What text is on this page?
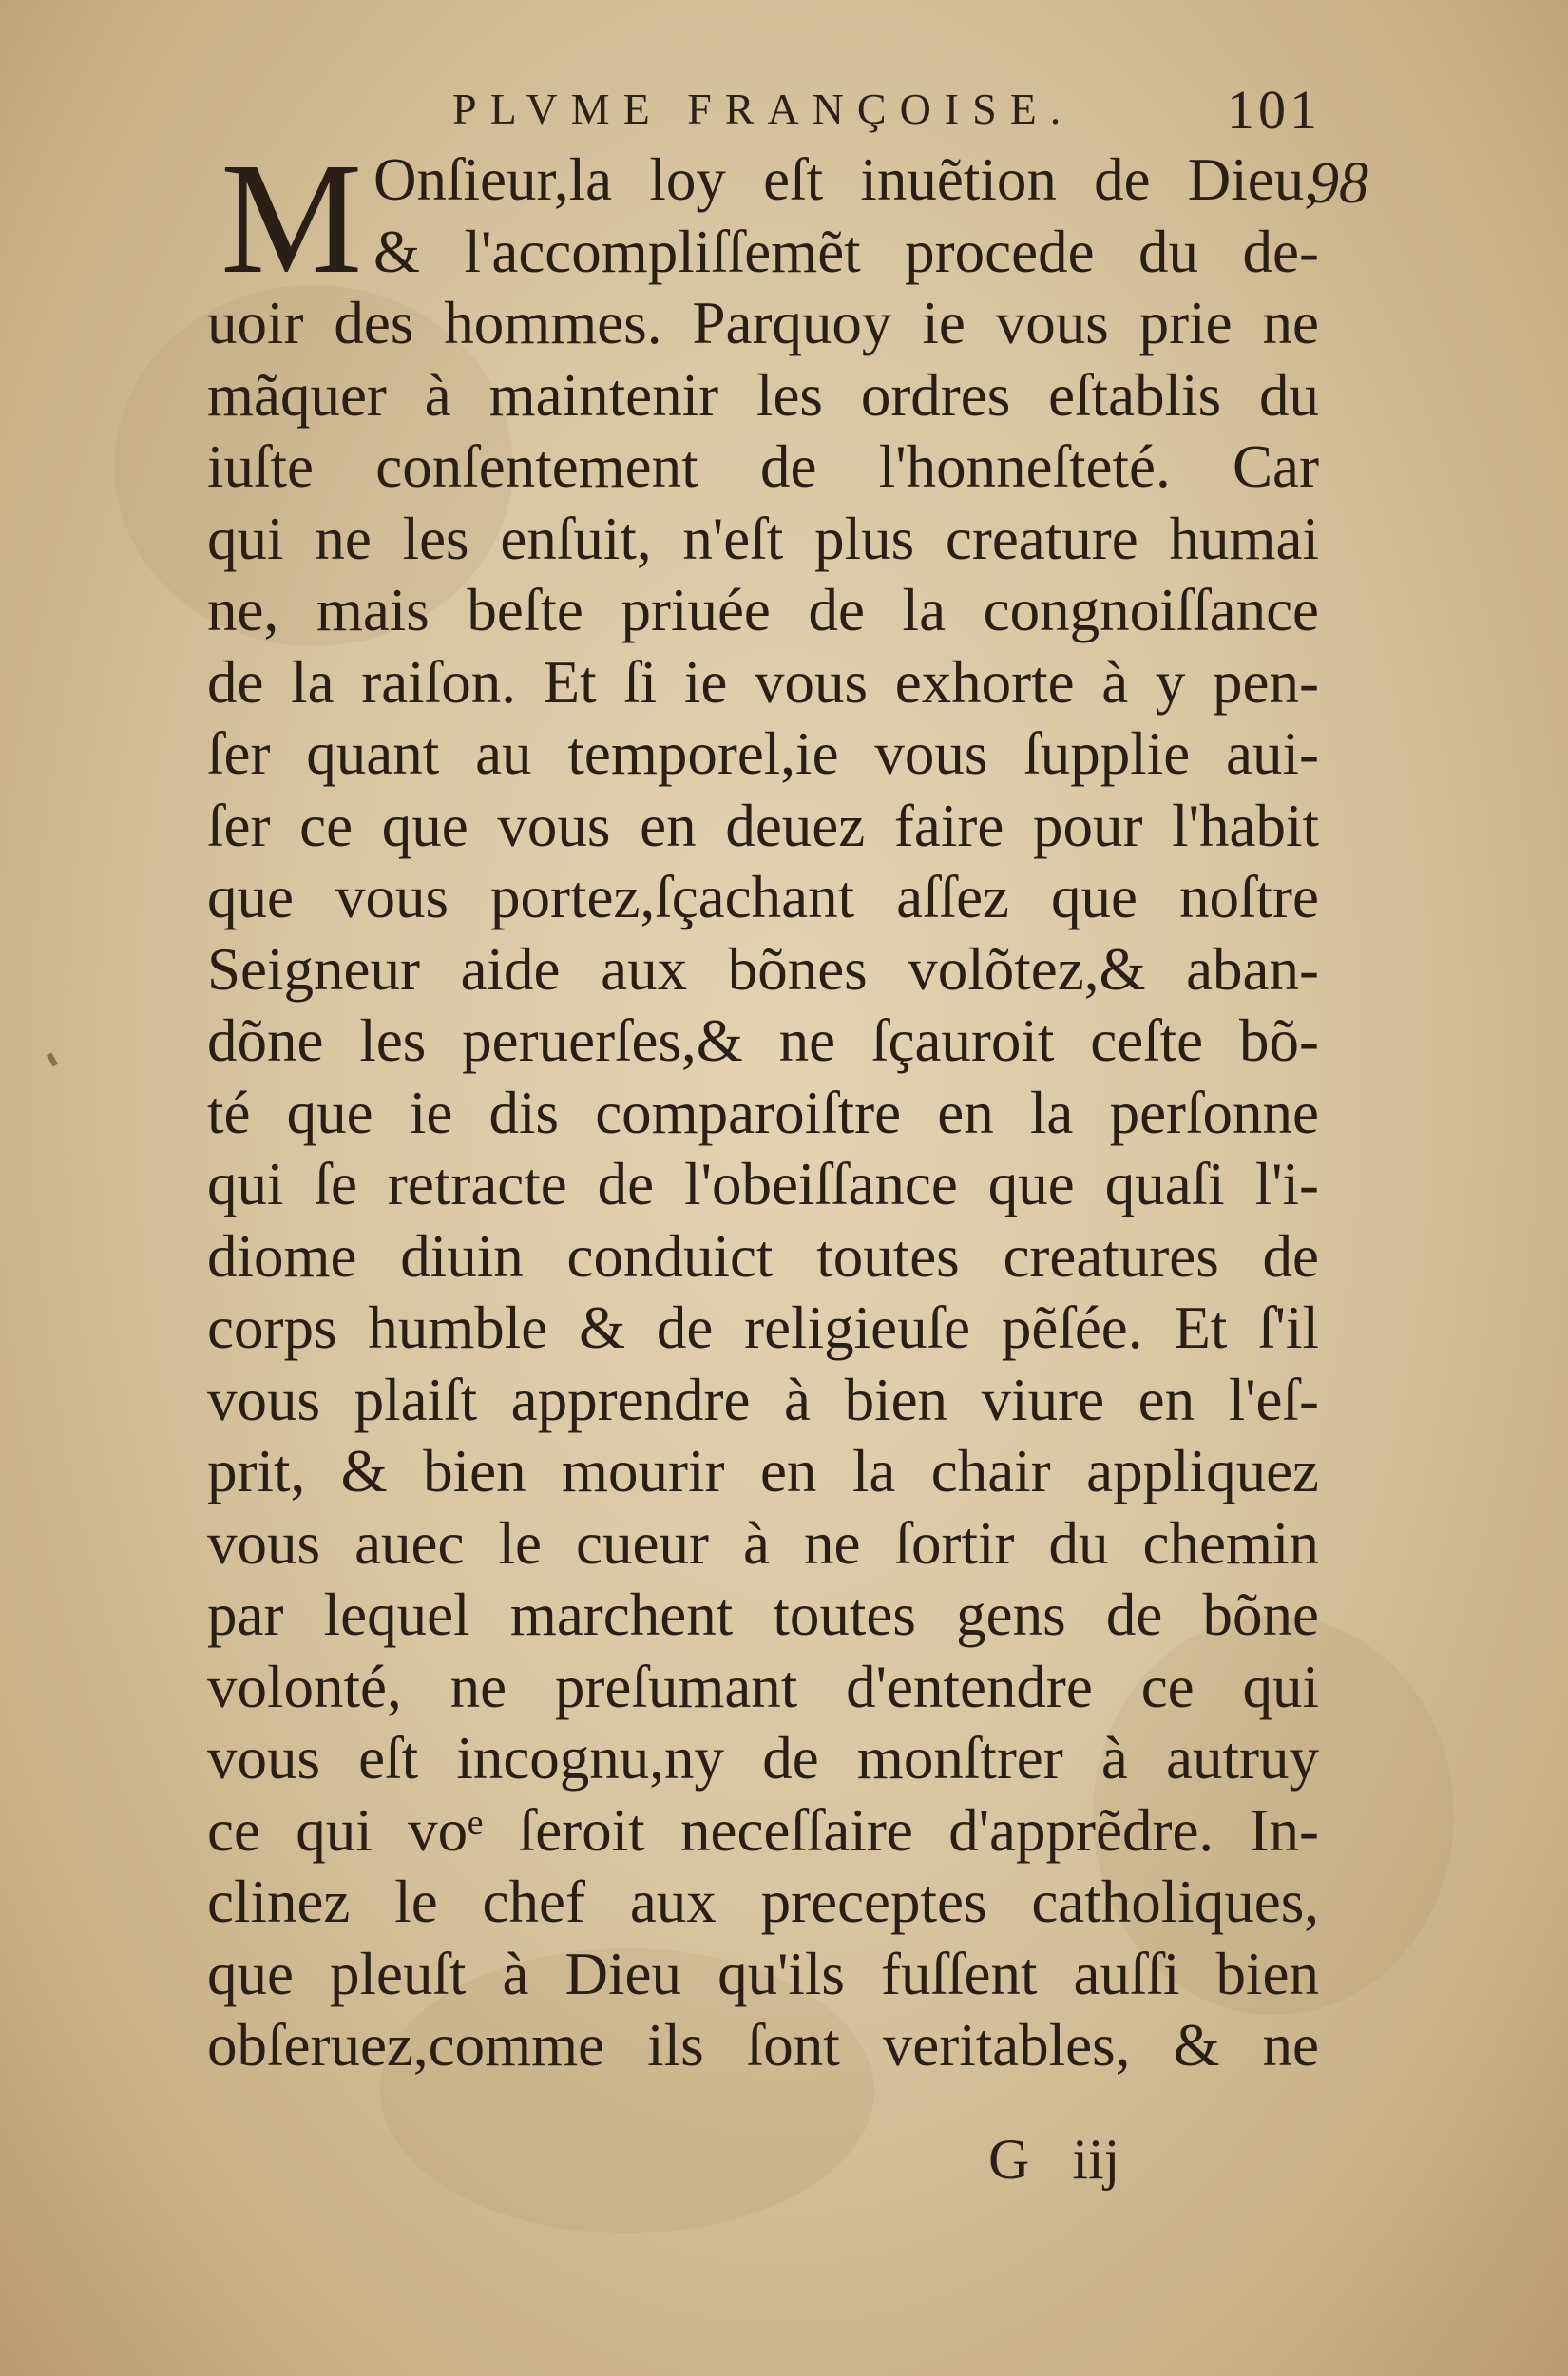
PLVME FRANÇOISE.	101
98
M Onſieur,la loy eſt inuẽtion de Dieu,
& l'accompliſſemẽt procede du de-
uoir des hommes. Parquoy ie vous prie ne
mãquer à maintenir les ordres eſtablis du
iuſte conſentement de l'honneſteté. Car
qui ne les enſuit, n'eſt plus creature humai
ne, mais beſte priuée de la congnoiſſance
de la raiſon. Et ſi ie vous exhorte à y pen-
ſer quant au temporel,ie vous ſupplie aui-
ſer ce que vous en deuez faire pour l'habit
que vous portez,ſçachant aſſez que noſtre
Seigneur aide aux bõnes volõtez,& aban-
dõne les peruerſes,& ne ſçauroit ceſte bõ-
té que ie dis comparoiſtre en la perſonne
qui ſe retracte de l'obeiſſance que quaſi l'i-
diome diuin conduict toutes creatures de
corps humble & de religieuſe pẽſée. Et ſ'il
vous plaiſt apprendre à bien viure en l'eſ-
prit, & bien mourir en la chair appliquez
vous auec le cueur à ne ſortir du chemin
par lequel marchent toutes gens de bõne
volonté, ne preſumant d'entendre ce qui
vous eſt incognu,ny de monſtrer à autruy
ce qui voᵉ ſeroit neceſſaire d'apprẽdre. In-
clinez le chef aux preceptes catholiques,
que pleuſt à Dieu qu'ils fuſſent auſſi bien
obſeruez,comme ils ſont veritables, & ne
G iij
